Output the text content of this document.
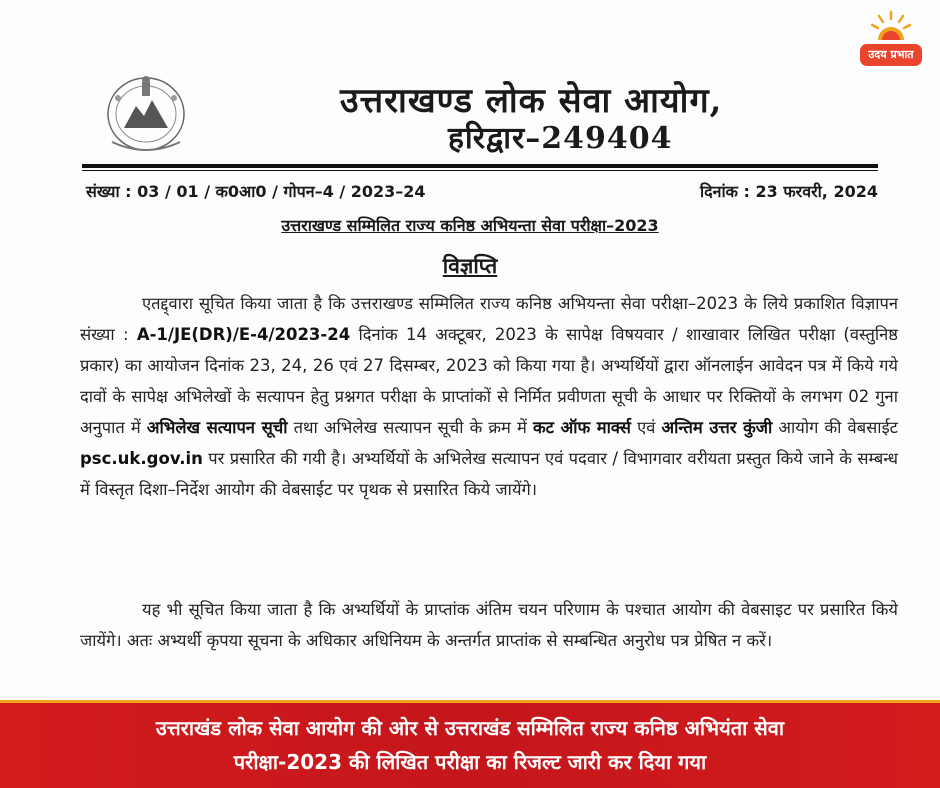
उदय प्रभात
उत्तराखण्ड लोक सेवा आयोग,
हरिद्वार–249404
संख्या : 03 / 01 / क0आ0 / गोपन–4 / 2023–24	दिनांक : 23 फरवरी, 2024
उत्तराखण्ड सम्मिलित राज्य कनिष्ठ अभियन्ता सेवा परीक्षा–2023
विज्ञप्ति
एतद्द्वारा सूचित किया जाता है कि उत्तराखण्ड सम्मिलित राज्य कनिष्ठ अभियन्ता सेवा परीक्षा–2023 के लिये प्रकाशित विज्ञापन संख्या : A-1/JE(DR)/E-4/2023-24 दिनांक 14 अक्टूबर, 2023 के सापेक्ष विषयवार / शाखावार लिखित परीक्षा (वस्तुनिष्ठ प्रकार) का आयोजन दिनांक 23, 24, 26 एवं 27 दिसम्बर, 2023 को किया गया है। अभ्यर्थियों द्वारा ऑनलाईन आवेदन पत्र में किये गये दावों के सापेक्ष अभिलेखों के सत्यापन हेतु प्रश्नगत परीक्षा के प्राप्तांकों से निर्मित प्रवीणता सूची के आधार पर रिक्तियों के लगभग 02 गुना अनुपात में अभिलेख सत्यापन सूची तथा अभिलेख सत्यापन सूची के क्रम में कट ऑफ मार्क्स एवं अन्तिम उत्तर कुंजी आयोग की वेबसाईट psc.uk.gov.in पर प्रसारित की गयी है। अभ्यर्थियों के अभिलेख सत्यापन एवं पदवार / विभागवार वरीयता प्रस्तुत किये जाने के सम्बन्ध में विस्तृत दिशा–निर्देश आयोग की वेबसाईट पर पृथक से प्रसारित किये जायेंगे।
यह भी सूचित किया जाता है कि अभ्यर्थियों के प्राप्तांक अंतिम चयन परिणाम के पश्चात आयोग की वेबसाइट पर प्रसारित किये जायेंगे। अतः अभ्यर्थी कृपया सूचना के अधिकार अधिनियम के अन्तर्गत प्राप्तांक से सम्बन्धित अनुरोध पत्र प्रेषित न करें।
उत्तराखंड लोक सेवा आयोग की ओर से उत्तराखंड सम्मिलित राज्य कनिष्ठ अभियंता सेवा
परीक्षा-2023 की लिखित परीक्षा का रिजल्ट जारी कर दिया गया
